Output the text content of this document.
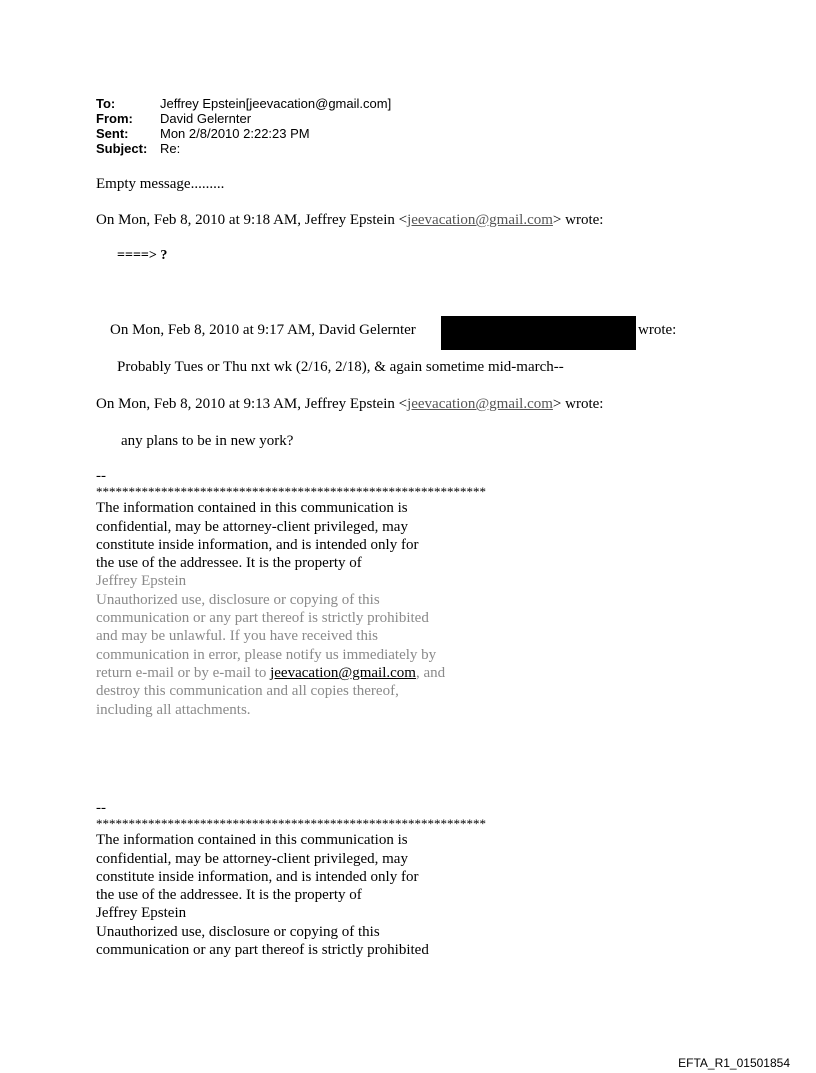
To:	Jeffrey Epstein[jeevacation@gmail.com]
From:	David Gelernter
Sent:	Mon 2/8/2010 2:22:23 PM
Subject: Re:
Empty message.........
On Mon, Feb 8, 2010 at 9:18 AM, Jeffrey Epstein <jeevacation@gmail.com> wrote:
====> ?
On Mon, Feb 8, 2010 at 9:17 AM, David Gelernter	wrote:
Probably Tues or Thu nxt wk (2/16, 2/18), & again sometime mid-march--
On Mon, Feb 8, 2010 at 9:13 AM, Jeffrey Epstein <jeevacation@gmail.com> wrote:
any plans to be in new york?
--
************************************************************
The information contained in this communication is
confidential, may be attorney-client privileged, may
constitute inside information, and is intended only for
the use of the addressee. It is the property of
Jeffrey Epstein
Unauthorized use, disclosure or copying of this
communication or any part thereof is strictly prohibited
and may be unlawful. If you have received this
communication in error, please notify us immediately by
return e-mail or by e-mail to jeevacation@gmail.com, and
destroy this communication and all copies thereof,
including all attachments.
--
************************************************************
The information contained in this communication is
confidential, may be attorney-client privileged, may
constitute inside information, and is intended only for
the use of the addressee. It is the property of
Jeffrey Epstein
Unauthorized use, disclosure or copying of this
communication or any part thereof is strictly prohibited
EFTA_R1_01501854
